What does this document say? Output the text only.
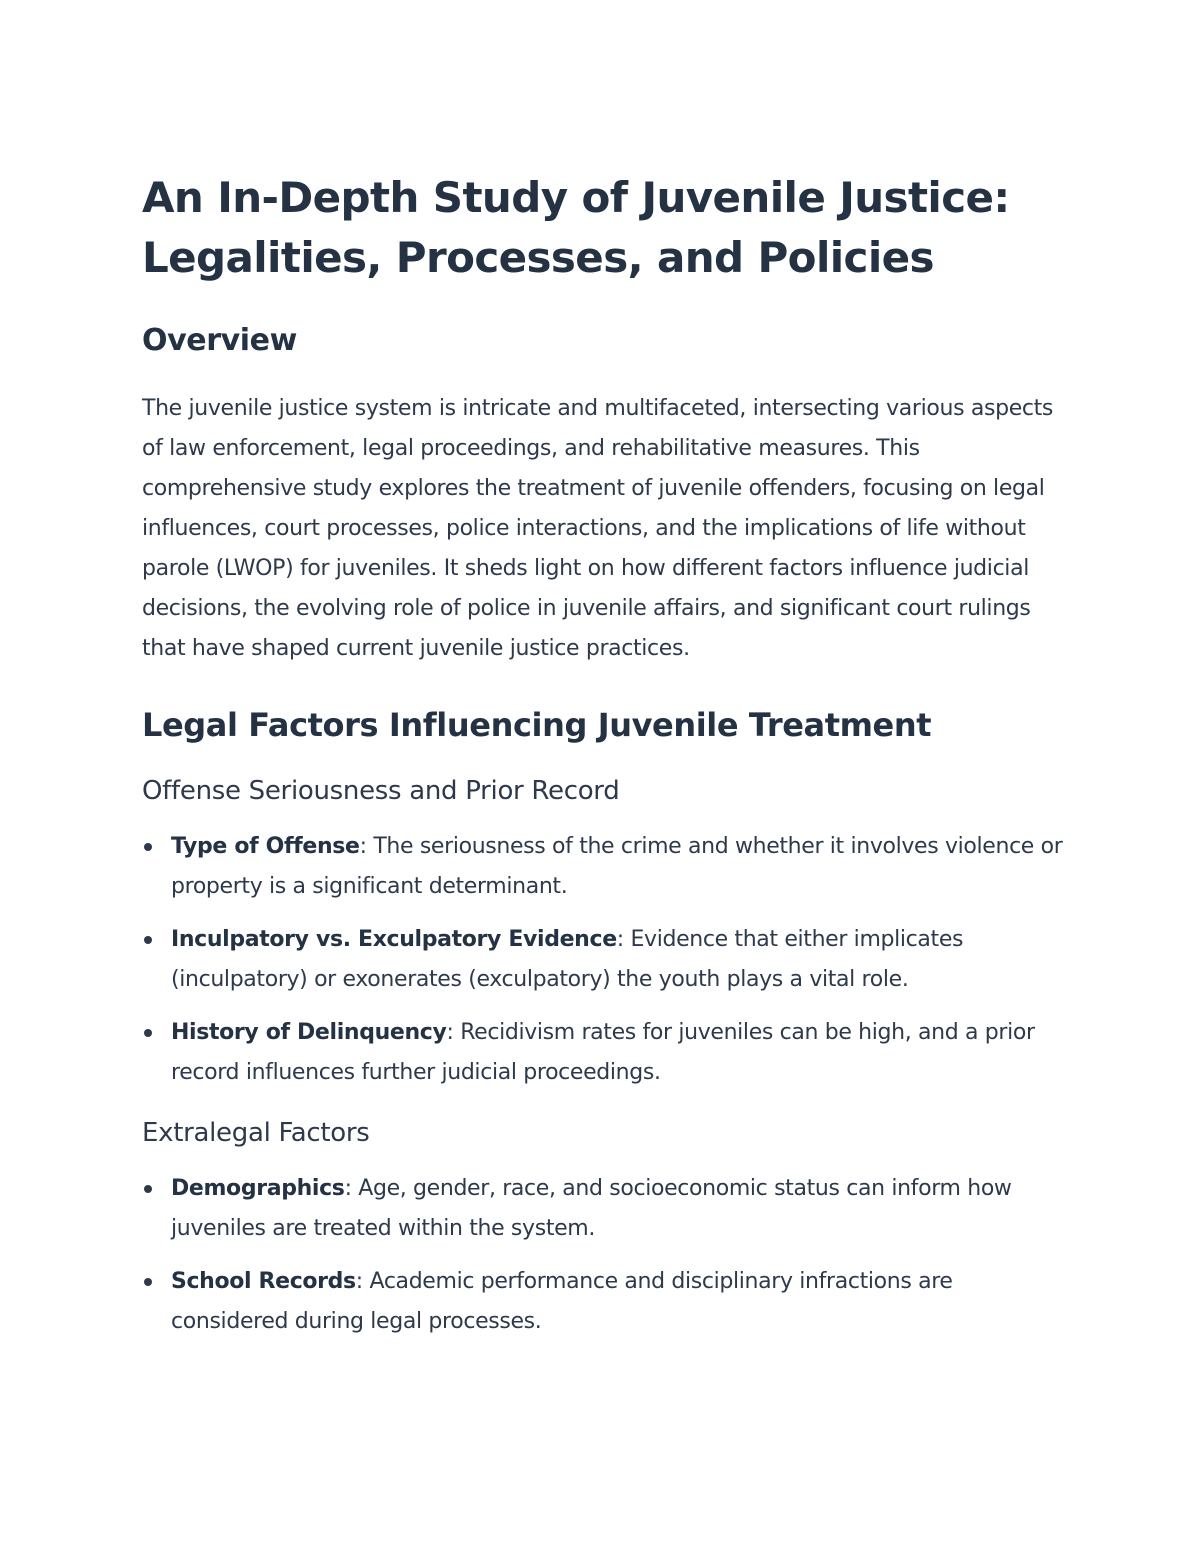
An In-Depth Study of Juvenile Justice:
Legalities, Processes, and Policies
Overview

The juvenile justice system is intricate and multifaceted, intersecting various aspects of law enforcement, legal proceedings, and rehabilitative measures. This comprehensive study explores the treatment of juvenile offenders, focusing on legal influences, court processes, police interactions, and the implications of life without parole (LWOP) for juveniles. It sheds light on how different factors influence judicial decisions, the evolving role of police in juvenile affairs, and significant court rulings that have shaped current juvenile justice practices.

Legal Factors Influencing Juvenile Treatment
Offense Seriousness and Prior Record
Type of Offense: The seriousness of the crime and whether it involves violence or property is a significant determinant.
Inculpatory vs. Exculpatory Evidence: Evidence that either implicates (inculpatory) or exonerates (exculpatory) the youth plays a vital role.
History of Delinquency: Recidivism rates for juveniles can be high, and a prior record influences further judicial proceedings.
Extralegal Factors
Demographics: Age, gender, race, and socioeconomic status can inform how juveniles are treated within the system.
School Records: Academic performance and disciplinary infractions are considered during legal processes.
